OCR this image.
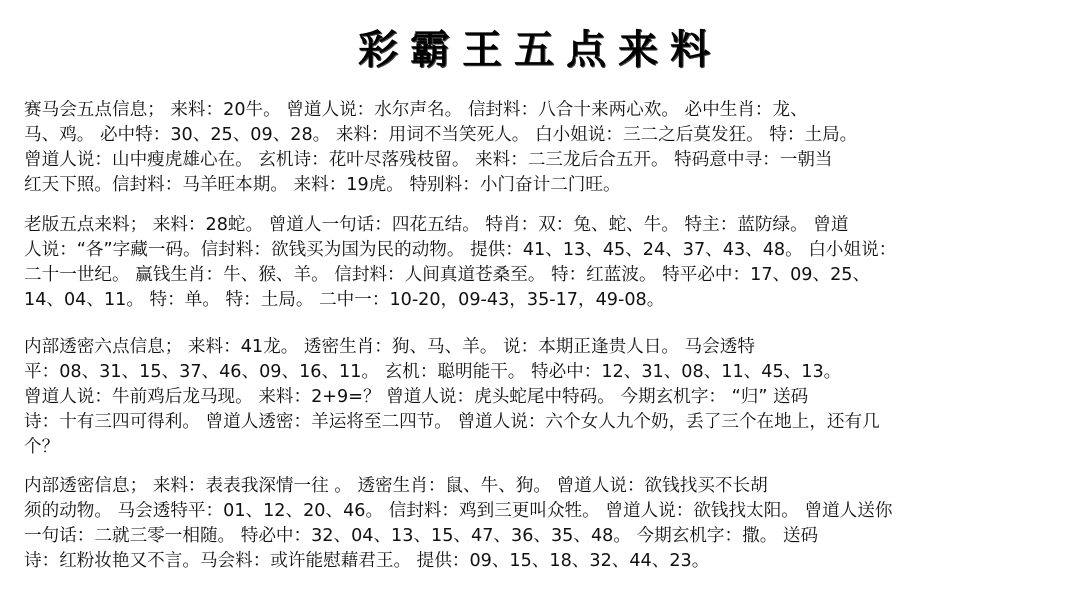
彩霸王五点来料
赛马会五点信息； 来料：20牛。 曾道人说：水尔声名。 信封料：八合十来两心欢。 必中生肖：龙、
马、鸡。 必中特：30、25、09、28。 来料：用词不当笑死人。 白小姐说：三二之后莫发狂。 特：土局。
曾道人说：山中瘦虎雄心在。 玄机诗：花叶尽落残枝留。 来料：二三龙后合五开。 特码意中寻：一朝当
红天下照。信封料：马羊旺本期。 来料：19虎。 特别料：小门奋计二门旺。
老版五点来料； 来料：28蛇。 曾道人一句话：四花五结。 特肖：双：兔、蛇、牛。 特主：蓝防绿。 曾道
人说：“各”字藏一码。信封料：欲钱买为国为民的动物。 提供：41、13、45、24、37、43、48。 白小姐说：
二十一世纪。 赢钱生肖：牛、猴、羊。 信封料：人间真道苍桑至。 特：红蓝波。 特平必中：17、09、25、
14、04、11。 特：单。 特：土局。 二中一：10-20，09-43，35-17，49-08。
内部透密六点信息； 来料：41龙。 透密生肖：狗、马、羊。 说：本期正逢贵人日。 马会透特
平：08、31、15、37、46、09、16、11。 玄机：聪明能干。 特必中：12、31、08、11、45、13。
曾道人说：牛前鸡后龙马现。 来料：2+9=？ 曾道人说：虎头蛇尾中特码。 今期玄机字： “归” 送码
诗：十有三四可得利。 曾道人透密：羊运将至二四节。 曾道人说：六个女人九个奶，丢了三个在地上，还有几
个？
内部透密信息； 来料：表表我深情一往 。 透密生肖：鼠、牛、狗。 曾道人说：欲钱找买不长胡
须的动物。 马会透特平：01、12、20、46。 信封料：鸡到三更叫众牲。 曾道人说：欲钱找太阳。 曾道人送你
一句话：二就三零一相随。 特必中：32、04、13、15、47、36、35、48。 今期玄机字：撒。 送码
诗：红粉妆艳又不言。马会料：或许能慰藉君王。 提供：09、15、18、32、44、23。
